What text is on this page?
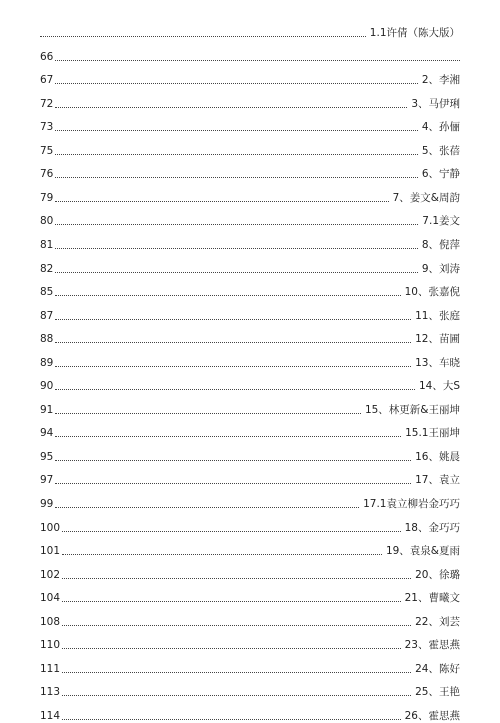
1.1许倩（陈大版）
66
67	2、李湘
72	3、马伊琍
73	4、孙俪
75	5、张蓓
76	6、宁静
79	7、姜文&周韵
80	7.1姜文
81	8、倪萍
82	9、刘涛
85	10、张嘉倪
87	11、张庭
88	12、苗圃
89	13、车晓
90	14、大S
91	15、林更新&王丽坤
94	15.1王丽坤
95	16、姚晨
97	17、袁立
99	17.1袁立柳岩金巧巧
100	18、金巧巧
101	19、袁泉&夏雨
102	20、徐璐
104	21、曹曦文
108	22、刘芸
110	23、霍思燕
111	24、陈好
113	25、王艳
114	26、霍思燕
